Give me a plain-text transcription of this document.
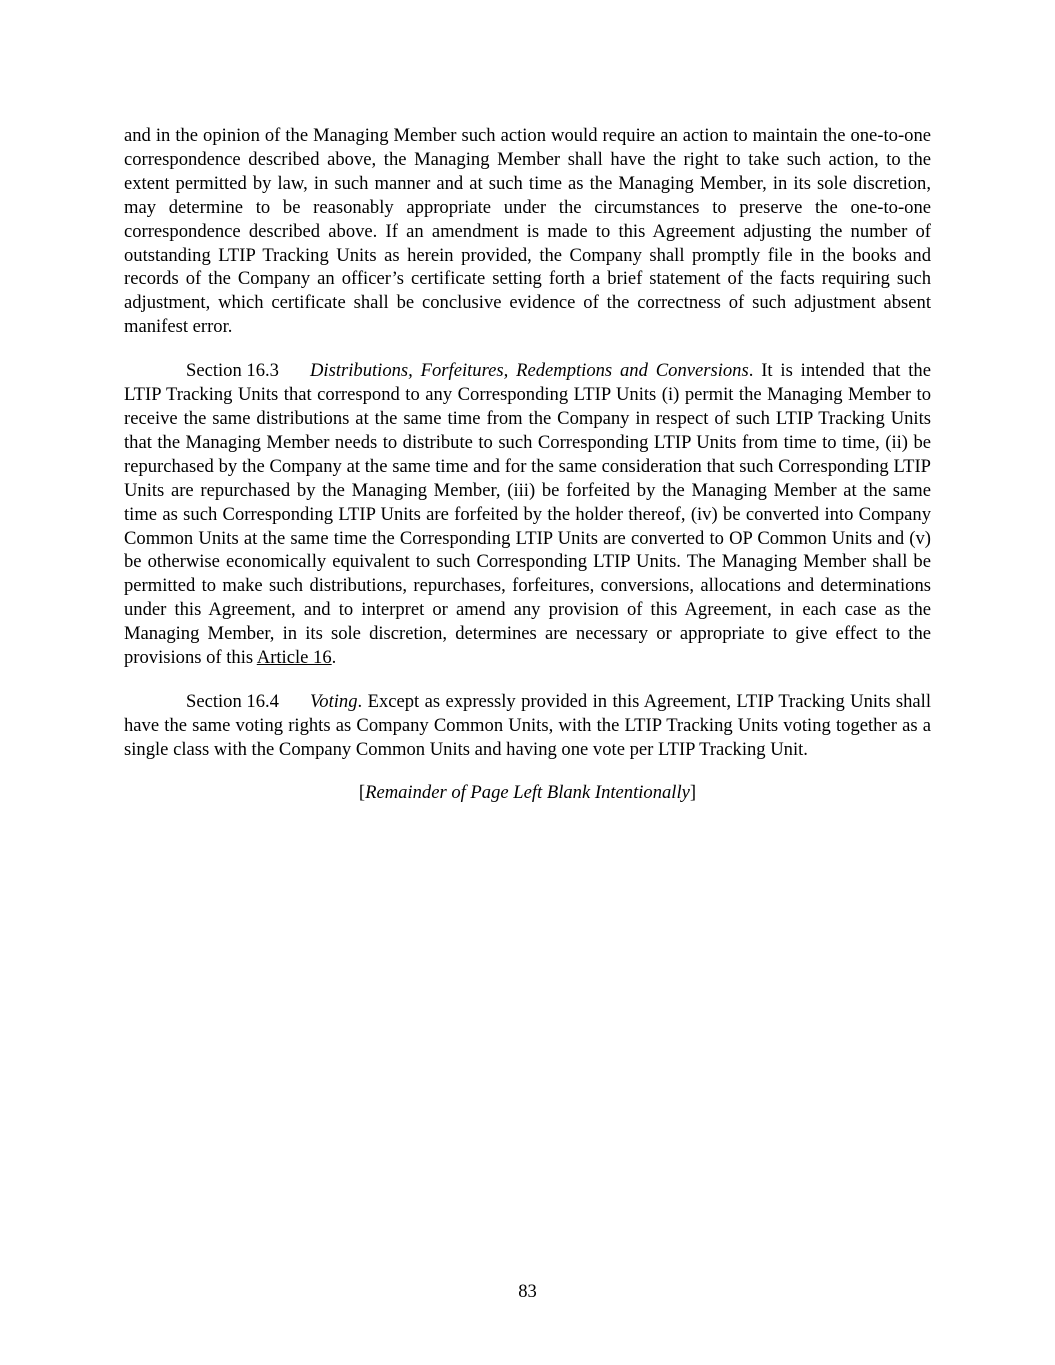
and in the opinion of the Managing Member such action would require an action to maintain the one-to-one correspondence described above, the Managing Member shall have the right to take such action, to the extent permitted by law, in such manner and at such time as the Managing Member, in its sole discretion, may determine to be reasonably appropriate under the circumstances to preserve the one-to-one correspondence described above. If an amendment is made to this Agreement adjusting the number of outstanding LTIP Tracking Units as herein provided, the Company shall promptly file in the books and records of the Company an officer’s certificate setting forth a brief statement of the facts requiring such adjustment, which certificate shall be conclusive evidence of the correctness of such adjustment absent manifest error.

Section 16.3 Distributions, Forfeitures, Redemptions and Conversions. It is intended that the LTIP Tracking Units that correspond to any Corresponding LTIP Units (i) permit the Managing Member to receive the same distributions at the same time from the Company in respect of such LTIP Tracking Units that the Managing Member needs to distribute to such Corresponding LTIP Units from time to time, (ii) be repurchased by the Company at the same time and for the same consideration that such Corresponding LTIP Units are repurchased by the Managing Member, (iii) be forfeited by the Managing Member at the same time as such Corresponding LTIP Units are forfeited by the holder thereof, (iv) be converted into Company Common Units at the same time the Corresponding LTIP Units are converted to OP Common Units and (v) be otherwise economically equivalent to such Corresponding LTIP Units. The Managing Member shall be permitted to make such distributions, repurchases, forfeitures, conversions, allocations and determinations under this Agreement, and to interpret or amend any provision of this Agreement, in each case as the Managing Member, in its sole discretion, determines are necessary or appropriate to give effect to the provisions of this Article 16.

Section 16.4 Voting. Except as expressly provided in this Agreement, LTIP Tracking Units shall have the same voting rights as Company Common Units, with the LTIP Tracking Units voting together as a single class with the Company Common Units and having one vote per LTIP Tracking Unit.

[Remainder of Page Left Blank Intentionally]

83
